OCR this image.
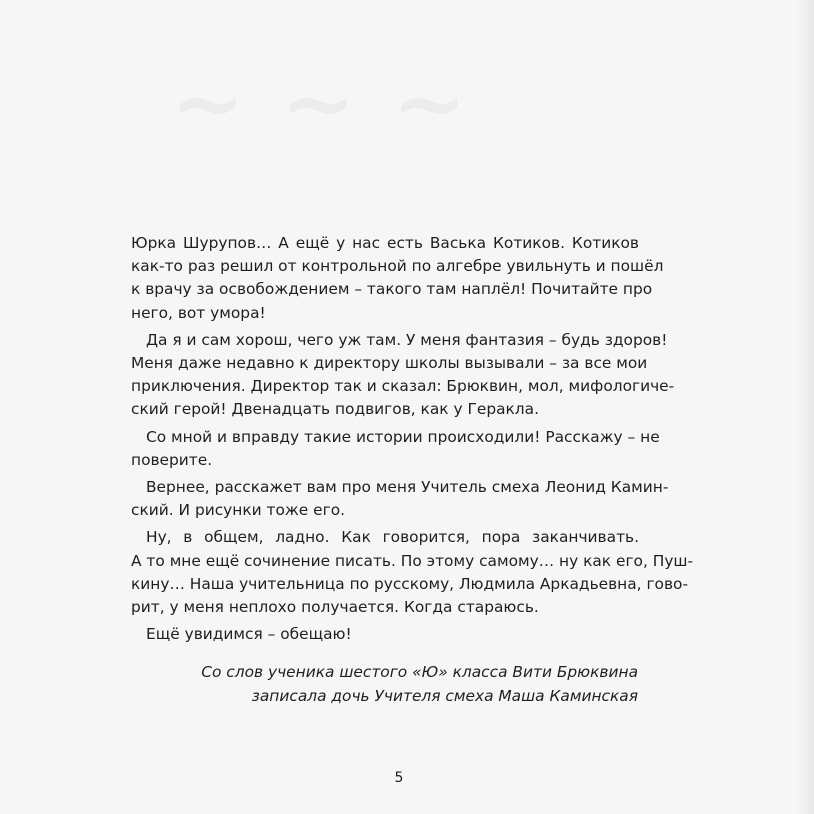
Юрка Шурупов… А ещё у нас есть Васька Котиков. Котиков
как-то раз решил от контрольной по алгебре увильнуть и пошёл
к врачу за освобождением – такого там наплёл! Почитайте про
него, вот умора!
Да я и сам хорош, чего уж там. У меня фантазия – будь здоров!
Меня даже недавно к директору школы вызывали – за все мои
приключения. Директор так и сказал: Брюквин, мол, мифологиче-
ский герой! Двенадцать подвигов, как у Геракла.
Со мной и вправду такие истории происходили! Расскажу – не
поверите.
Вернее, расскажет вам про меня Учитель смеха Леонид Камин-
ский. И рисунки тоже его.
Ну, в общем, ладно. Как говорится, пора заканчивать.
А то мне ещё сочинение писать. По этому самому… ну как его, Пуш-
кину… Наша учительница по русскому, Людмила Аркадьевна, гово-
рит, у меня неплохо получается. Когда стараюсь.
Ещё увидимся – обещаю!
Со слов ученика шестого «Ю» класса Вити Брюквина
записала дочь Учителя смеха Маша Каминская
5
